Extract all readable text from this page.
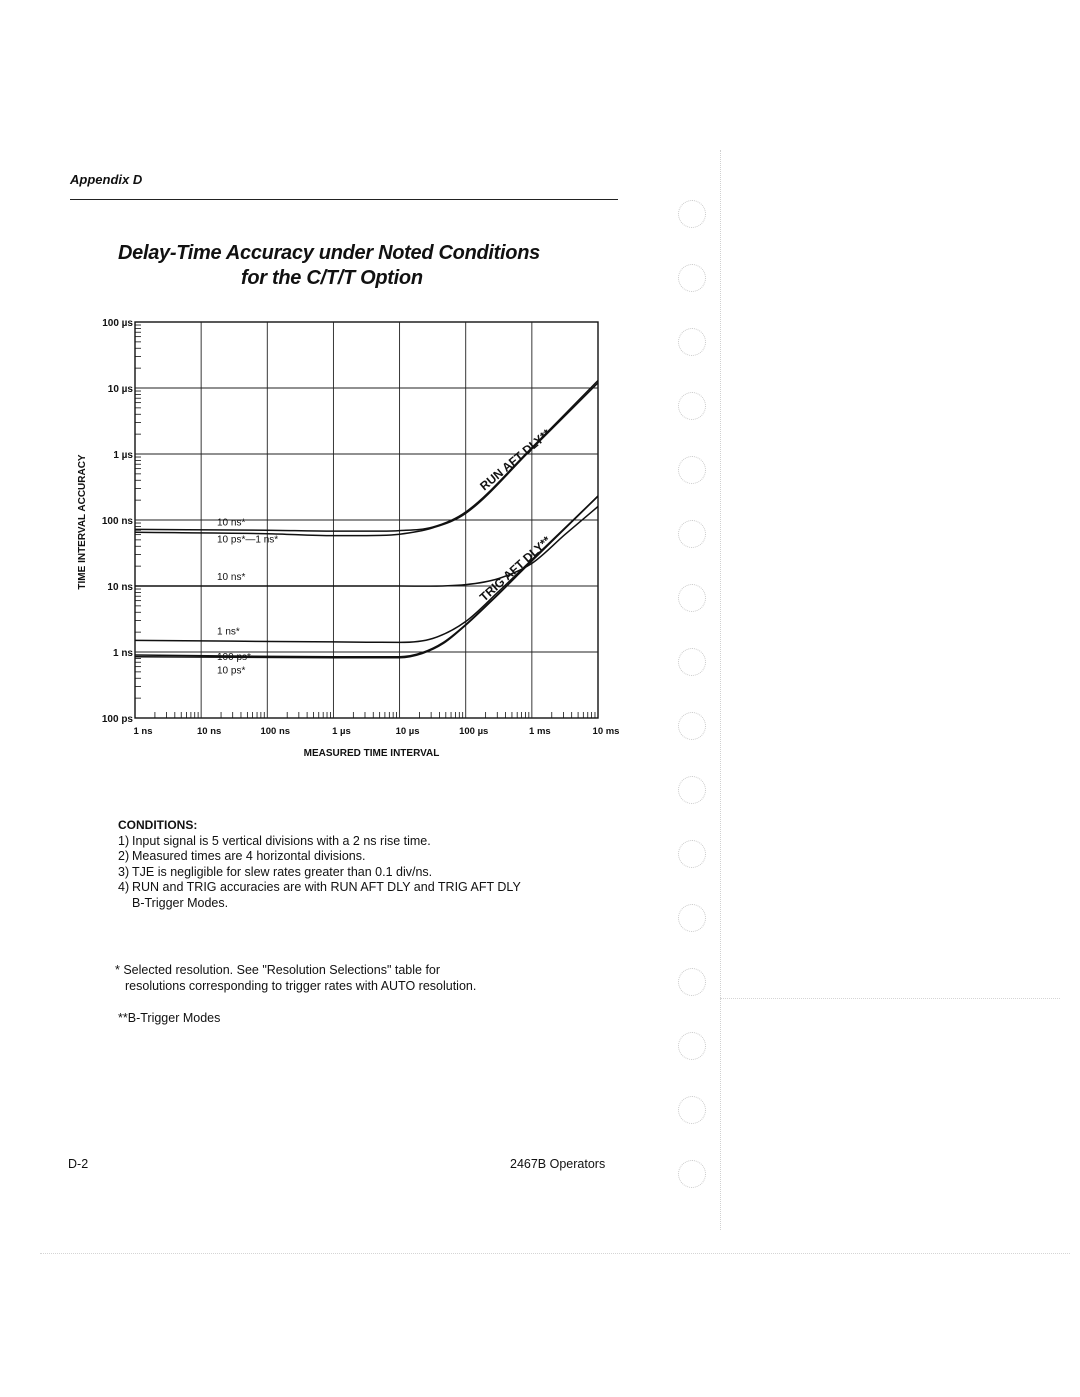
Appendix D
Delay-Time Accuracy under Noted Conditions
for the C/T/T Option
100 ps
1 ns
10 ns
100 ns
1 µs
10 µs
100 µs
1 ns	10 ns	100 ns	1 µs	10 µs	100 µs	1 ms	10 ms
MEASURED TIME INTERVAL
TIME INTERVAL ACCURACY	10 ns*
10 ps*—1 ns*
10 ns*
1 ns*
100 ps*
10 ps*
RUN AFT DLY**
TRIG AFT DLY**
CONDITIONS:
1) Input signal is 5 vertical divisions with a 2 ns rise time.
2) Measured times are 4 horizontal divisions.
3) TJE is negligible for slew rates greater than 0.1 div/ns.
4) RUN and TRIG accuracies are with RUN AFT DLY and TRIG AFT DLY
B-Trigger Modes.
* Selected resolution. See "Resolution Selections" table for
resolutions corresponding to trigger rates with AUTO resolution.
**B-Trigger Modes
D-2	2467B Operators
